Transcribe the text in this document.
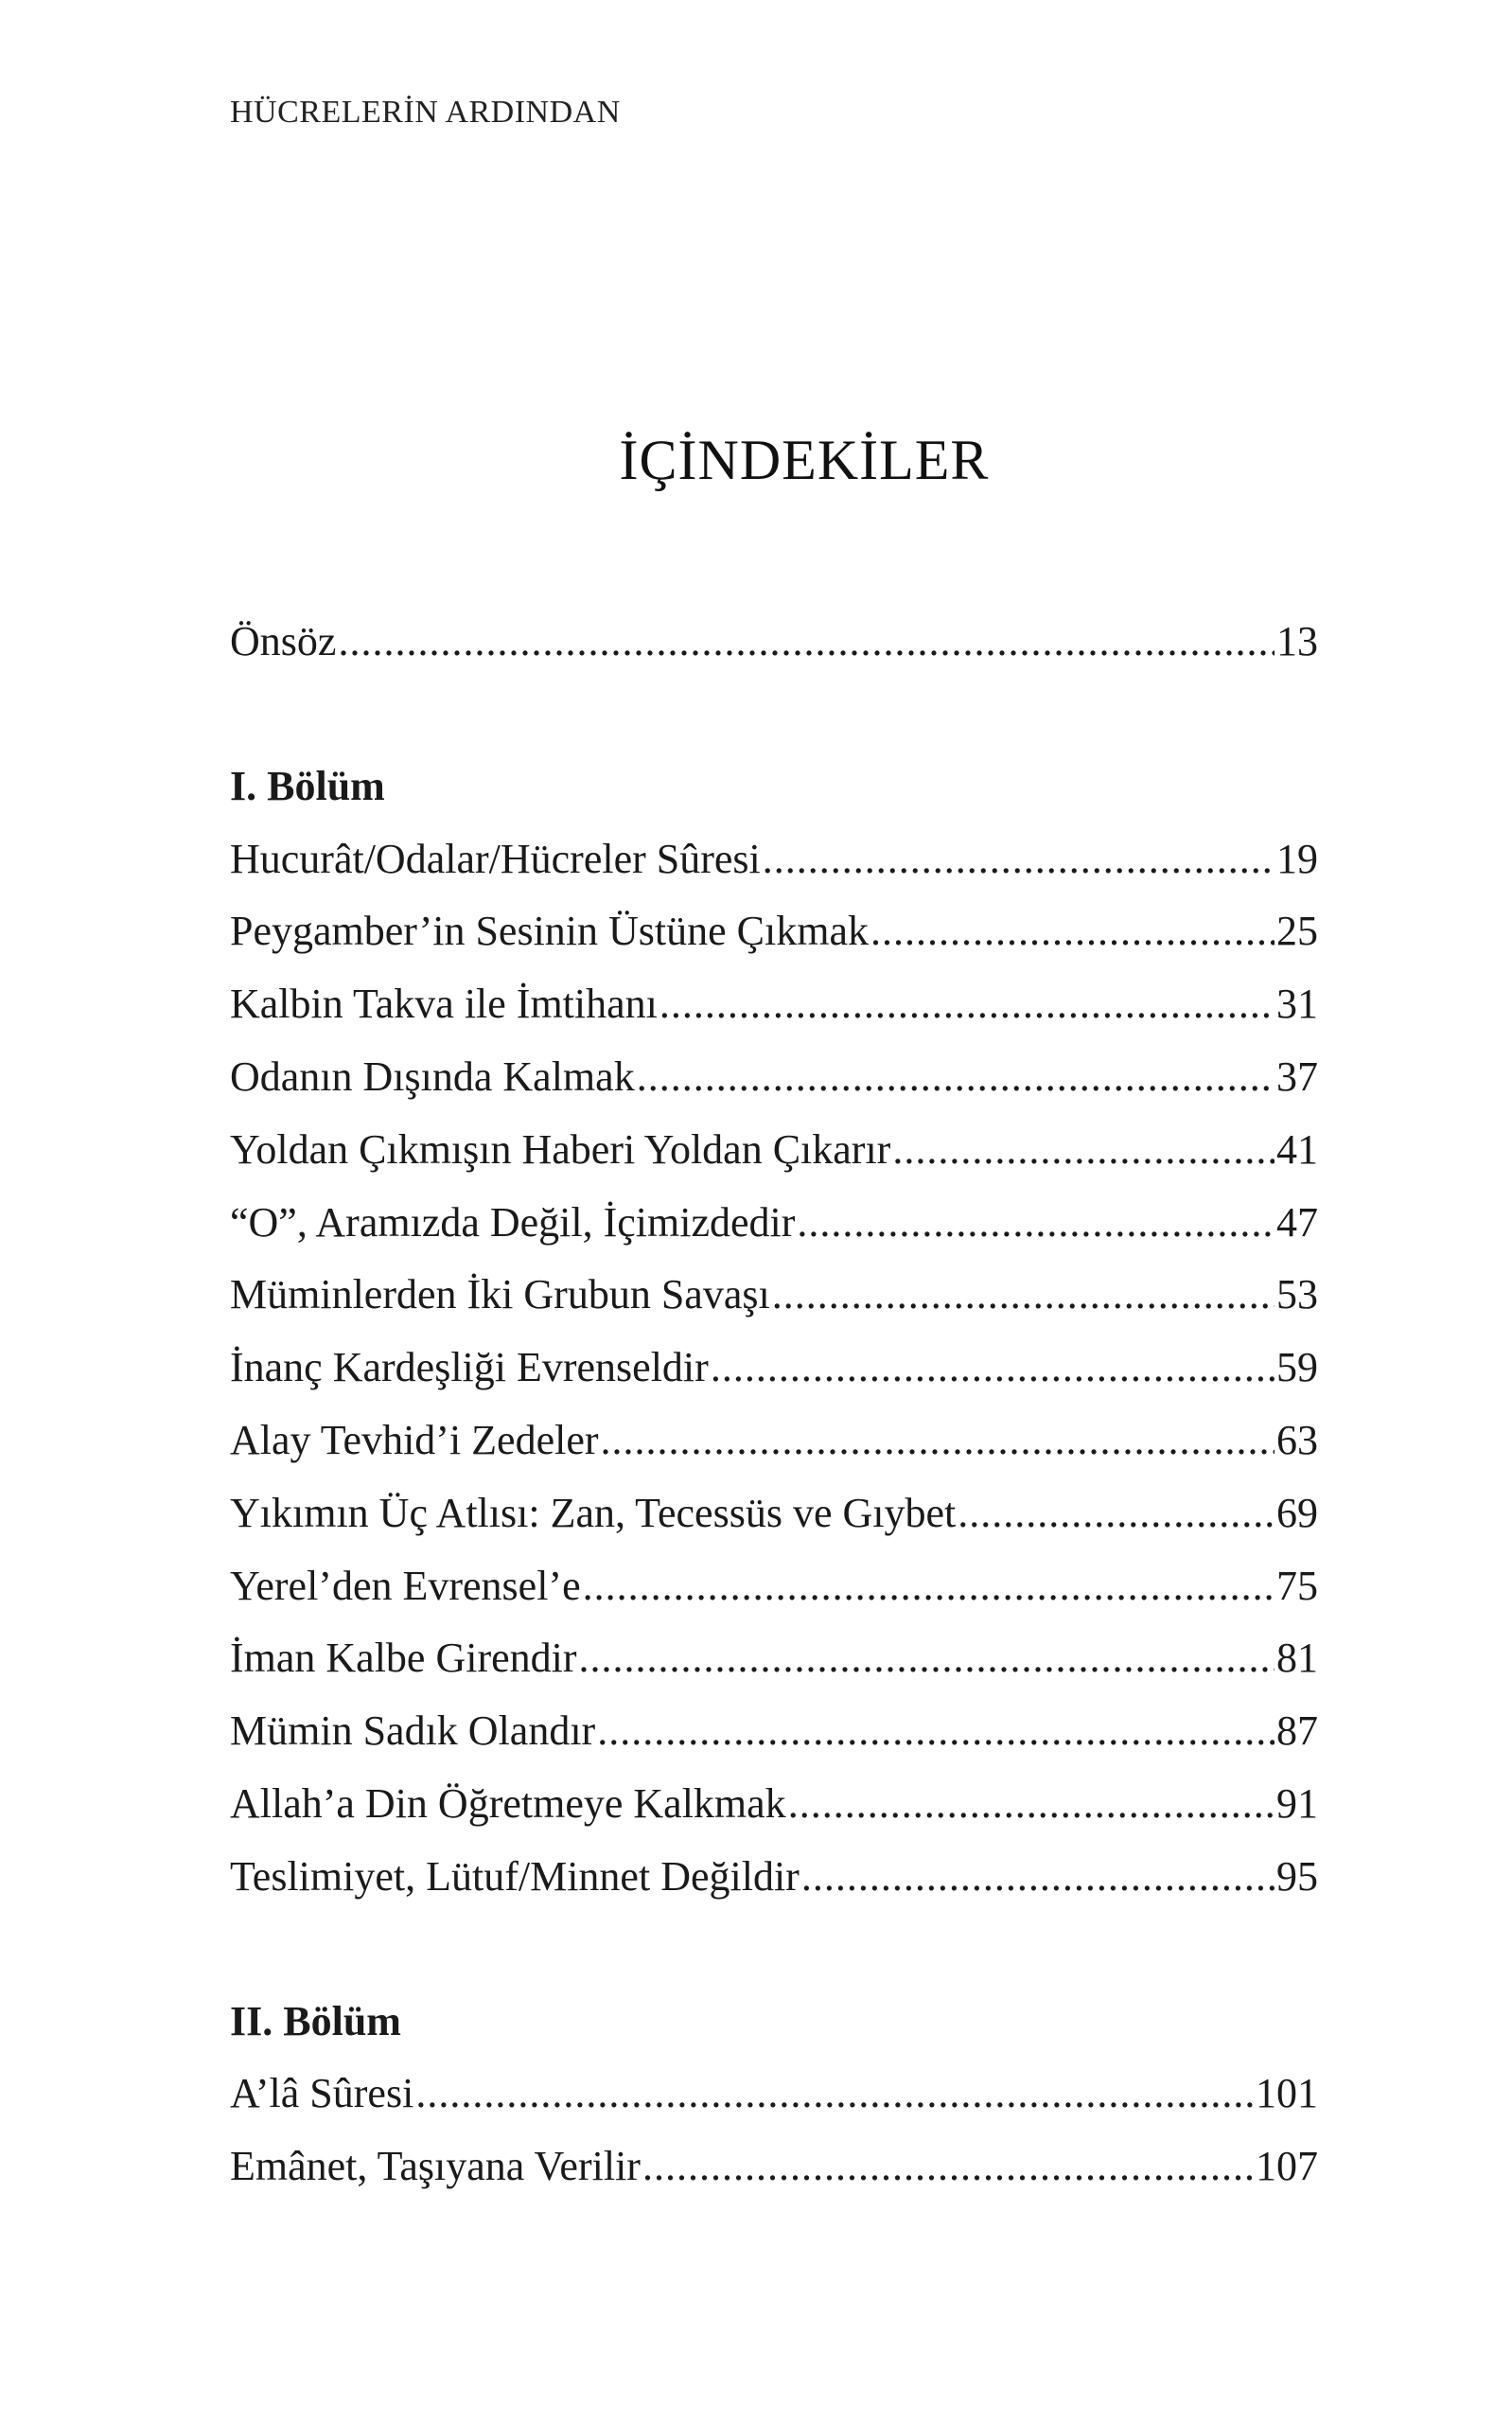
HÜCRELERİN ARDINDAN
İÇİNDEKİLER
Önsöz .....	13
I. Bölüm
Hucurât/Odalar/Hücreler Sûresi .....	19
Peygamber’in Sesinin Üstüne Çıkmak .....	25
Kalbin Takva ile İmtihanı .....	31
Odanın Dışında Kalmak .....	37
Yoldan Çıkmışın Haberi Yoldan Çıkarır .....	41
“O”, Aramızda Değil, İçimizdedir .....	47
Müminlerden İki Grubun Savaşı .....	53
İnanç Kardeşliği Evrenseldir .....	59
Alay Tevhid’i Zedeler .....	63
Yıkımın Üç Atlısı: Zan, Tecessüs ve Gıybet .....	69
Yerel’den Evrensel’e .....	75
İman Kalbe Girendir .....	81
Mümin Sadık Olandır .....	87
Allah’a Din Öğretmeye Kalkmak .....	91
Teslimiyet, Lütuf/Minnet Değildir .....	95
II. Bölüm
A’lâ Sûresi .....	101
Emânet, Taşıyana Verilir .....	107
